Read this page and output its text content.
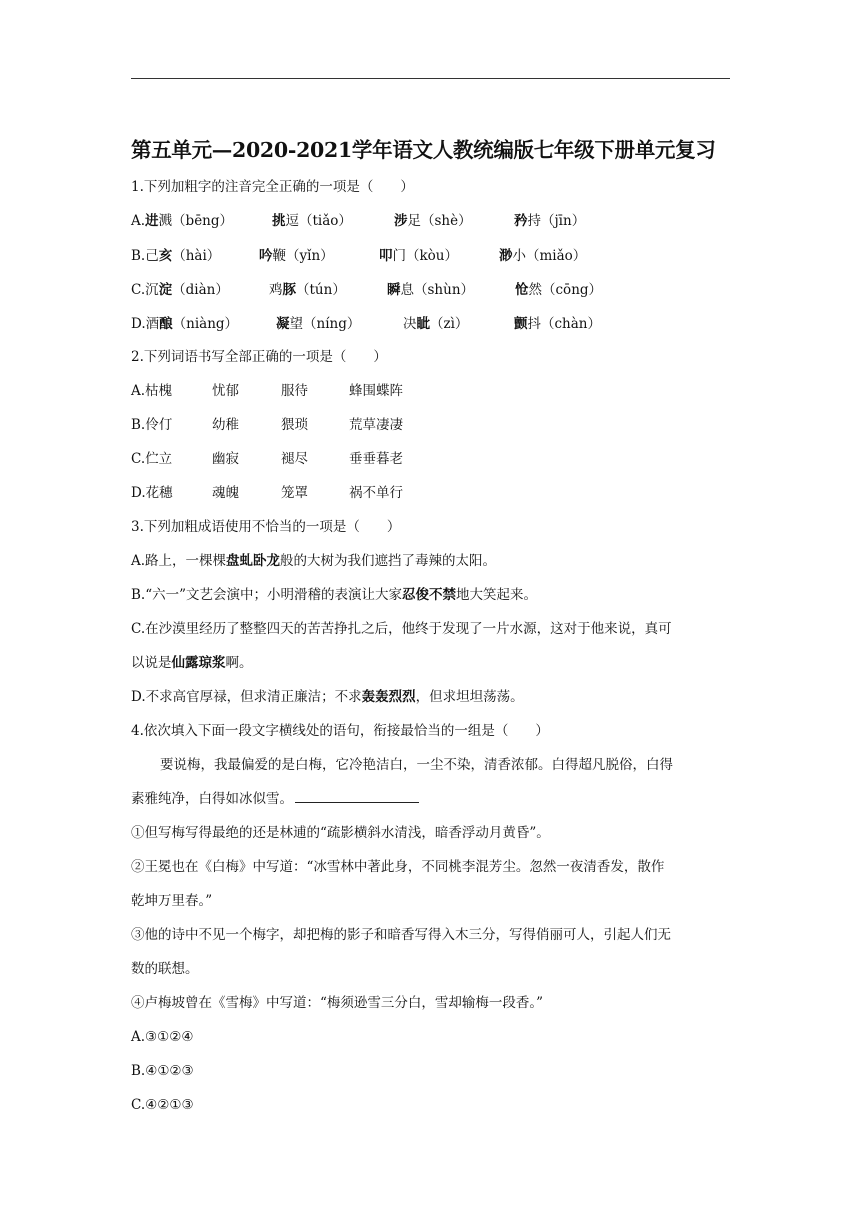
第五单元—2020-2021学年语文人教统编版七年级下册单元复习
1.下列加粗字的注音完全正确的一项是（　　）
A.进溅（bēng）	挑逗（tiǎo）	涉足（shè）	矜持（jīn）
B.己亥（hài）	吟鞭（yǐn）	叩门（kòu）	渺小（miǎo）
C.沉淀（diàn）	鸡豚（tún）	瞬息（shùn）	怆然（cōng）
D.酒酿（niàng）	凝望（níng）	决眦（zì）	颤抖（chàn）
2.下列词语书写全部正确的一项是（　　）
A.枯槐	忧郁	服待	蜂围蝶阵
B.伶仃	幼稚	猥琐	荒草凄凄
C.伫立	幽寂	褪尽	垂垂暮老
D.花穗	魂魄	笼罩	祸不单行
3.下列加粗成语使用不恰当的一项是（　　）
A.路上，一棵棵盘虬卧龙般的大树为我们遮挡了毒辣的太阳。
B.“六一”文艺会演中；小明滑稽的表演让大家忍俊不禁地大笑起来。
C.在沙漠里经历了整整四天的苦苦挣扎之后，他终于发现了一片水源，这对于他来说，真可
以说是仙露琼浆啊。
D.不求高官厚禄，但求清正廉洁；不求轰轰烈烈，但求坦坦荡荡。
4.依次填入下面一段文字横线处的语句，衔接最恰当的一组是（　　）
要说梅，我最偏爱的是白梅，它冷艳洁白，一尘不染，清香浓郁。白得超凡脱俗，白得
素雅纯净，白得如冰似雪。
①但写梅写得最绝的还是林逋的“疏影横斜水清浅，暗香浮动月黄昏”。
②王冕也在《白梅》中写道：“冰雪林中著此身，不同桃李混芳尘。忽然一夜清香发，散作
乾坤万里春。”
③他的诗中不见一个梅字，却把梅的影子和暗香写得入木三分，写得俏丽可人，引起人们无
数的联想。
④卢梅坡曾在《雪梅》中写道：“梅须逊雪三分白，雪却输梅一段香。”
A.③①②④
B.④①②③
C.④②①③
